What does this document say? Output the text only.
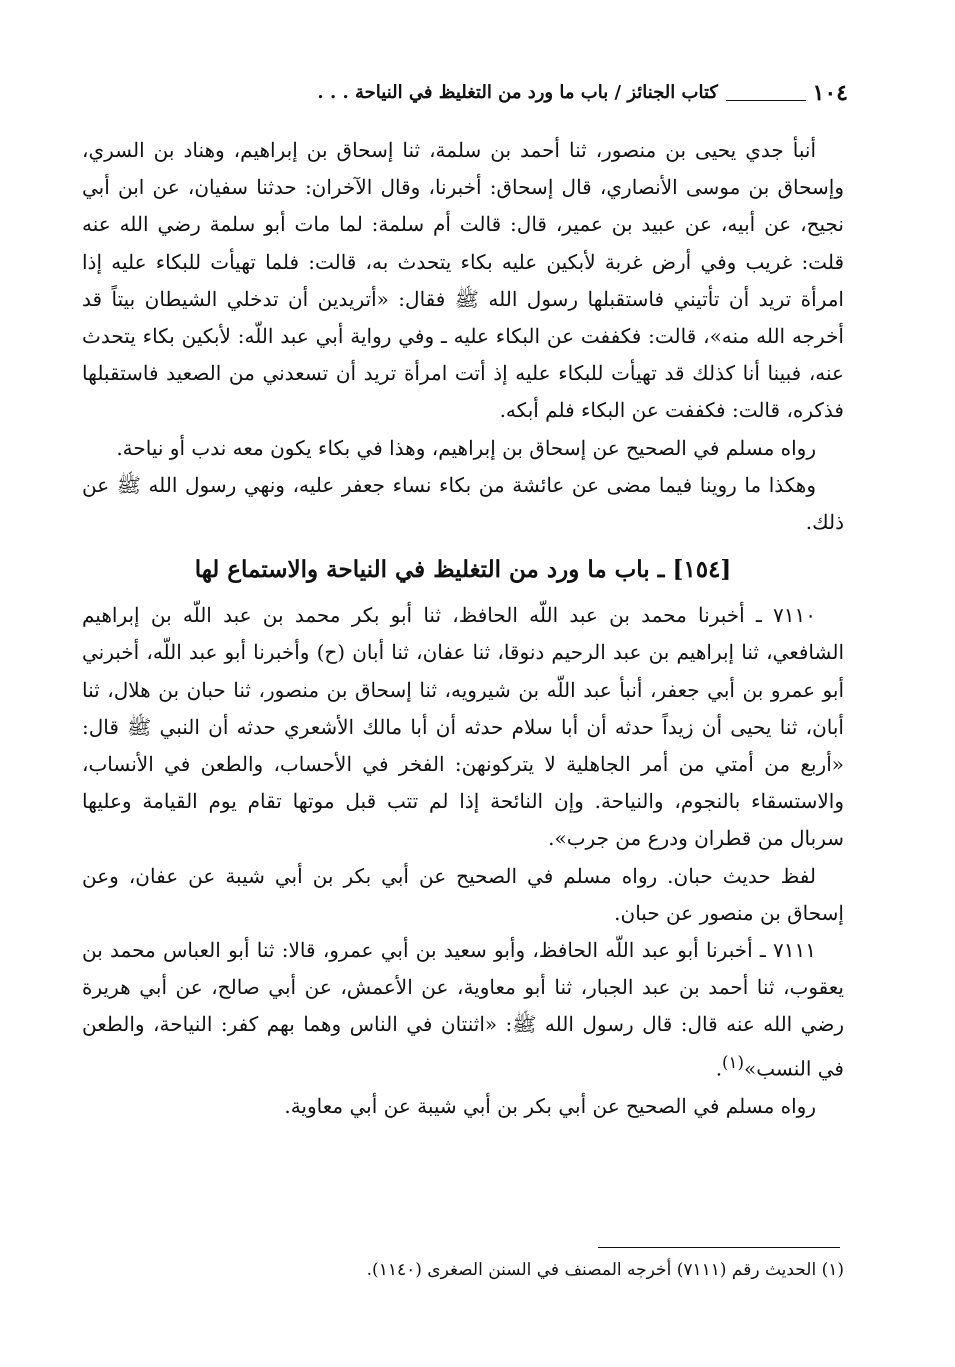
١٠٤
كتاب الجنائز / باب ما ورد من التغليظ في النياحة . . .

أنبأ جدي يحيى بن منصور، ثنا أحمد بن سلمة، ثنا إسحاق بن إبراهيم، وهناد بن السري، وإسحاق بن موسى الأنصاري، قال إسحاق: أخبرنا، وقال الآخران: حدثنا سفيان، عن ابن أبي نجيح، عن أبيه، عن عبيد بن عمير، قال: قالت أم سلمة: لما مات أبو سلمة رضي الله عنه قلت: غريب وفي أرض غربة لأبكين عليه بكاء يتحدث به، قالت: فلما تهيأت للبكاء عليه إذا امرأة تريد أن تأتيني فاستقبلها رسول الله ﷺ فقال: «أتريدين أن تدخلي الشيطان بيتاً قد أخرجه الله منه»، قالت: فكففت عن البكاء عليه ـ وفي رواية أبي عبد اللّه: لأبكين بكاء يتحدث عنه، فبينا أنا كذلك قد تهيأت للبكاء عليه إذ أتت امرأة تريد أن تسعدني من الصعيد فاستقبلها فذكره، قالت: فكففت عن البكاء فلم أبكه.

رواه مسلم في الصحيح عن إسحاق بن إبراهيم، وهذا في بكاء يكون معه ندب أو نياحة.

وهكذا ما روينا فيما مضى عن عائشة من بكاء نساء جعفر عليه، ونهي رسول الله ﷺ عن ذلك.

[١٥٤] ـ باب ما ورد من التغليظ في النياحة والاستماع لها

٧١١٠ ـ أخبرنا محمد بن عبد اللّه الحافظ، ثنا أبو بكر محمد بن عبد اللّه بن إبراهيم الشافعي، ثنا إبراهيم بن عبد الرحيم دنوقا، ثنا عفان، ثنا أبان (ح) وأخبرنا أبو عبد اللّه، أخبرني أبو عمرو بن أبي جعفر، أنبأ عبد اللّه بن شيرويه، ثنا إسحاق بن منصور، ثنا حبان بن هلال، ثنا أبان، ثنا يحيى أن زيداً حدثه أن أبا سلام حدثه أن أبا مالك الأشعري حدثه أن النبي ﷺ قال: «أربع من أمتي من أمر الجاهلية لا يتركونهن: الفخر في الأحساب، والطعن في الأنساب، والاستسقاء بالنجوم، والنياحة. وإن النائحة إذا لم تتب قبل موتها تقام يوم القيامة وعليها سربال من قطران ودرع من جرب».

لفظ حديث حبان. رواه مسلم في الصحيح عن أبي بكر بن أبي شيبة عن عفان، وعن إسحاق بن منصور عن حبان.

٧١١١ ـ أخبرنا أبو عبد اللّه الحافظ، وأبو سعيد بن أبي عمرو، قالا: ثنا أبو العباس محمد بن يعقوب، ثنا أحمد بن عبد الجبار، ثنا أبو معاوية، عن الأعمش، عن أبي صالح، عن أبي هريرة رضي الله عنه قال: قال رسول الله ﷺ: «اثنتان في الناس وهما بهم كفر: النياحة، والطعن في النسب»$^{(١)}$.

رواه مسلم في الصحيح عن أبي بكر بن أبي شيبة عن أبي معاوية.

(١) الحديث رقم (٧١١١) أخرجه المصنف في السنن الصغرى (١١٤٠).
